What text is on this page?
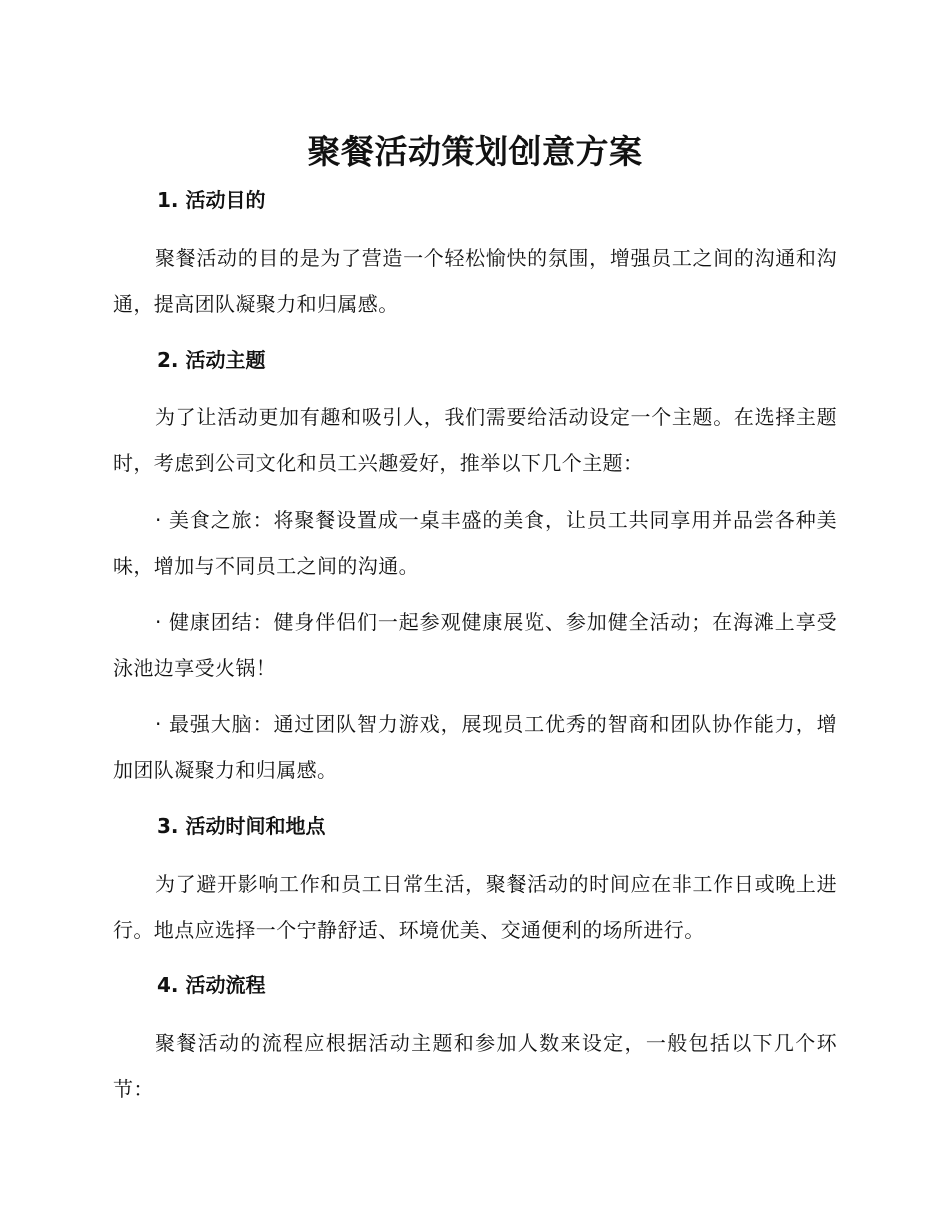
聚餐活动策划创意方案
1. 活动目的
聚餐活动的目的是为了营造一个轻松愉快的氛围，增强员工之间的沟通和沟通，提高团队凝聚力和归属感。
2. 活动主题
为了让活动更加有趣和吸引人，我们需要给活动设定一个主题。在选择主题时，考虑到公司文化和员工兴趣爱好，推举以下几个主题：
· 美食之旅：将聚餐设置成一桌丰盛的美食，让员工共同享用并品尝各种美味，增加与不同员工之间的沟通。
· 健康团结：健身伴侣们一起参观健康展览、参加健全活动；在海滩上享受泳池边享受火锅！
· 最强大脑：通过团队智力游戏，展现员工优秀的智商和团队协作能力，增加团队凝聚力和归属感。
3. 活动时间和地点
为了避开影响工作和员工日常生活，聚餐活动的时间应在非工作日或晚上进行。地点应选择一个宁静舒适、环境优美、交通便利的场所进行。
4. 活动流程
聚餐活动的流程应根据活动主题和参加人数来设定，一般包括以下几个环节：
